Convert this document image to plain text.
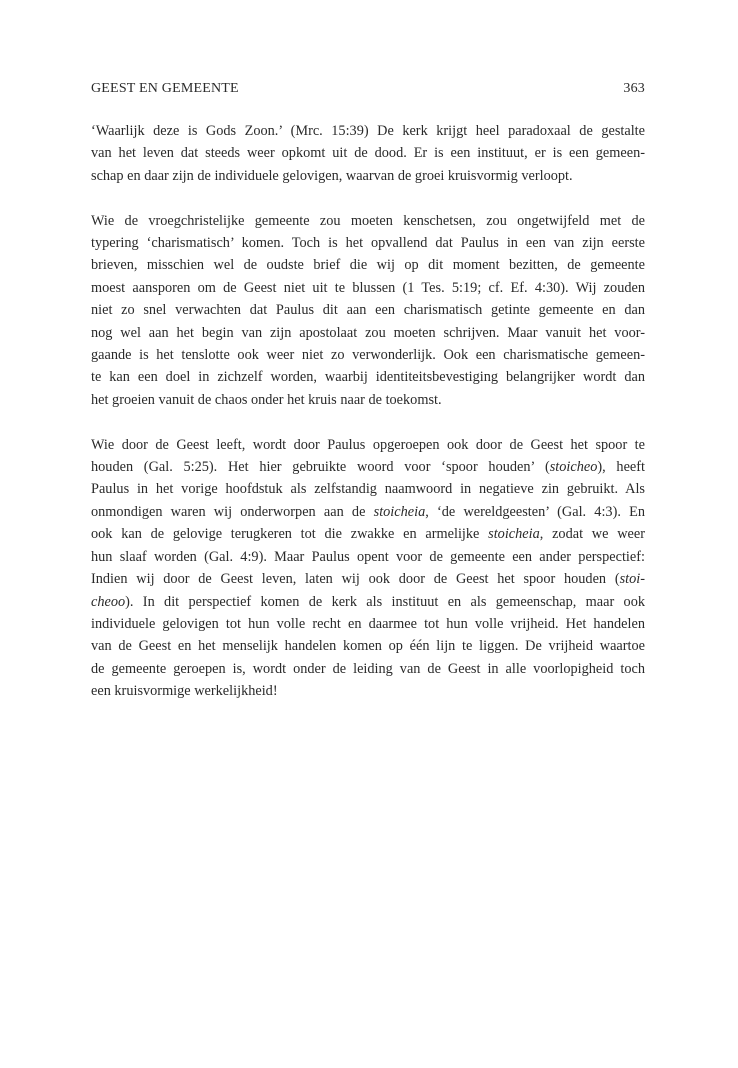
GEEST EN GEMEENTE	363
‘Waarlijk deze is Gods Zoon.’ (Mrc. 15:39) De kerk krijgt heel paradoxaal de gestalte
van het leven dat steeds weer opkomt uit de dood. Er is een instituut, er is een gemeen-
schap en daar zijn de individuele gelovigen, waarvan de groei kruisvormig verloopt.
Wie de vroegchristelijke gemeente zou moeten kenschetsen, zou ongetwijfeld met de
typering ‘charismatisch’ komen. Toch is het opvallend dat Paulus in een van zijn eerste
brieven, misschien wel de oudste brief die wij op dit moment bezitten, de gemeente
moest aansporen om de Geest niet uit te blussen (1 Tes. 5:19; cf. Ef. 4:30). Wij zouden
niet zo snel verwachten dat Paulus dit aan een charismatisch getinte gemeente en dan
nog wel aan het begin van zijn apostolaat zou moeten schrijven. Maar vanuit het voor-
gaande is het tenslotte ook weer niet zo verwonderlijk. Ook een charismatische gemeen-
te kan een doel in zichzelf worden, waarbij identiteitsbevestiging belangrijker wordt dan
het groeien vanuit de chaos onder het kruis naar de toekomst.
Wie door de Geest leeft, wordt door Paulus opgeroepen ook door de Geest het spoor te
houden (Gal. 5:25). Het hier gebruikte woord voor ‘spoor houden’ (stoicheo), heeft
Paulus in het vorige hoofdstuk als zelfstandig naamwoord in negatieve zin gebruikt. Als
onmondigen waren wij onderworpen aan de stoicheia, ‘de wereldgeesten’ (Gal. 4:3). En
ook kan de gelovige terugkeren tot die zwakke en armelijke stoicheia, zodat we weer
hun slaaf worden (Gal. 4:9). Maar Paulus opent voor de gemeente een ander perspectief:
Indien wij door de Geest leven, laten wij ook door de Geest het spoor houden (stoi-
cheoo). In dit perspectief komen de kerk als instituut en als gemeenschap, maar ook
individuele gelovigen tot hun volle recht en daarmee tot hun volle vrijheid. Het handelen
van de Geest en het menselijk handelen komen op één lijn te liggen. De vrijheid waartoe
de gemeente geroepen is, wordt onder de leiding van de Geest in alle voorlopigheid toch
een kruisvormige werkelijkheid!
